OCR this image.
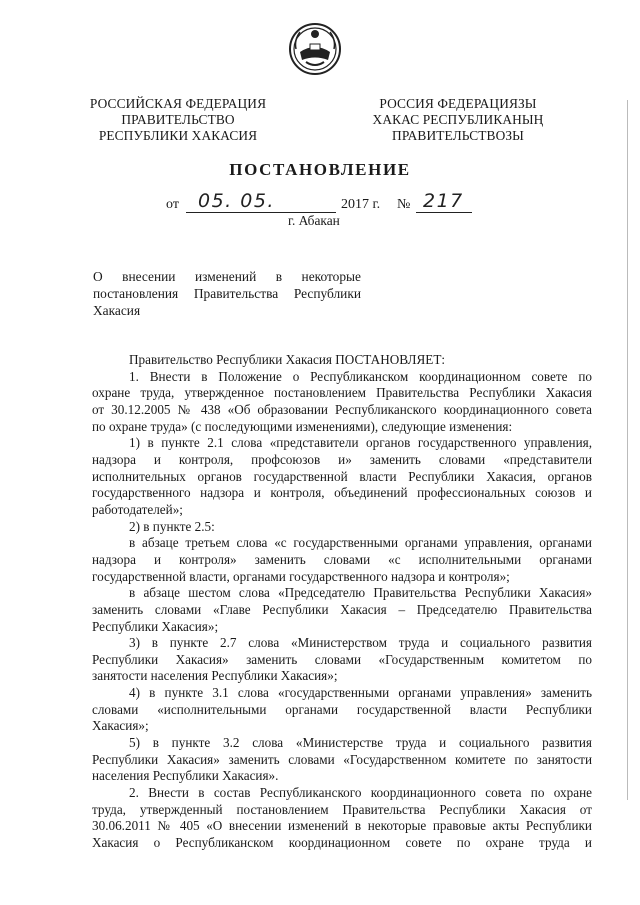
РОССИЙСКАЯ ФЕДЕРАЦИЯ
ПРАВИТЕЛЬСТВО
РЕСПУБЛИКИ ХАКАСИЯ
РОССИЯ ФЕДЕРАЦИЯЗЫ
ХАКАС РЕСПУБЛИКАНЫҢ
ПРАВИТЕЛЬСТВОЗЫ
ПОСТАНОВЛЕНИЕ
от 05. 05.	2017 г. № 217
г. Абакан
О внесении изменений в некоторые
постановления Правительства Республики
Хакасия
Правительство Республики Хакасия ПОСТАНОВЛЯЕТ:
1. Внести в Положение о Республиканском координационном совете по
охране труда, утвержденное постановлением Правительства Республики Хакасия
от 30.12.2005 № 438 «Об образовании Республиканского координационного совета
по охране труда» (с последующими изменениями), следующие изменения:
1) в пункте 2.1 слова «представители органов государственного управления,
надзора и контроля, профсоюзов и» заменить словами «представители
исполнительных органов государственной власти Республики Хакасия, органов
государственного надзора и контроля, объединений профессиональных союзов и
работодателей»;
2) в пункте 2.5:
в абзаце третьем слова «с государственными органами управления, органами
надзора и контроля» заменить словами «с исполнительными органами
государственной власти, органами государственного надзора и контроля»;
в абзаце шестом слова «Председателю Правительства Республики Хакасия»
заменить словами «Главе Республики Хакасия – Председателю Правительства
Республики Хакасия»;
3) в пункте 2.7 слова «Министерством труда и социального развития
Республики Хакасия» заменить словами «Государственным комитетом по
занятости населения Республики Хакасия»;
4) в пункте 3.1 слова «государственными органами управления» заменить
словами «исполнительными органами государственной власти Республики
Хакасия»;
5) в пункте 3.2 слова «Министерстве труда и социального развития
Республики Хакасия» заменить словами «Государственном комитете по занятости
населения Республики Хакасия».
2. Внести в состав Республиканского координационного совета по охране
труда, утвержденный постановлением Правительства Республики Хакасия от
30.06.2011 № 405 «О внесении изменений в некоторые правовые акты Республики
Хакасия о Республиканском координационном совете по охране труда и
